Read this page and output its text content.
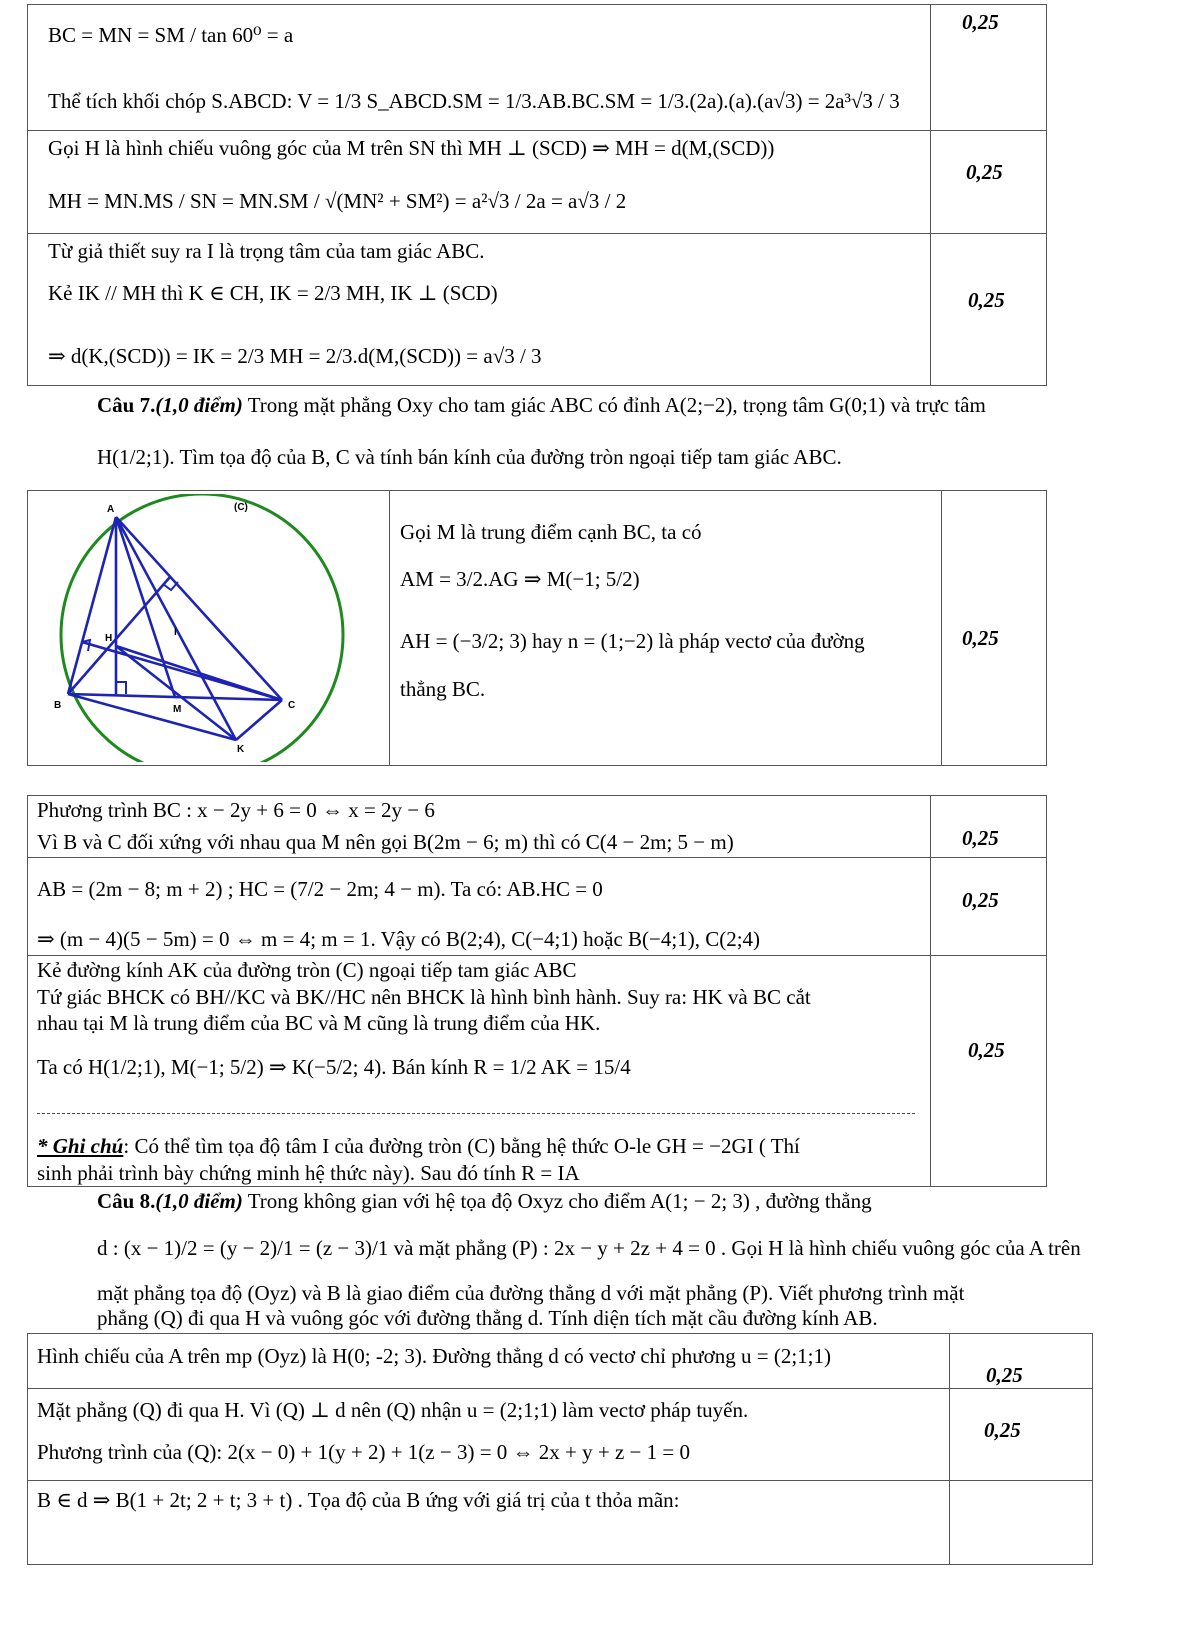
BC = MN = SM / tan 60⁰ = a
Thể tích khối chóp S.ABCD: V = 1/3 S_ABCD.SM = 1/3.AB.BC.SM = 1/3.(2a).(a).(a√3) = 2a³√3 / 3
0,25
Gọi H là hình chiếu vuông góc của M trên SN thì MH ⊥ (SCD) ⇒ MH = d(M,(SCD))
MH = MN.MS / SN = MN.SM / √(MN² + SM²) = a²√3 / 2a = a√3 / 2
0,25
Từ giả thiết suy ra I là trọng tâm của tam giác ABC.
Kẻ IK // MH thì K ∈ CH, IK = 2/3 MH, IK ⊥ (SCD)
⇒ d(K,(SCD)) = IK = 2/3 MH = 2/3.d(M,(SCD)) = a√3 / 3
0,25
Câu 7.(1,0 điểm) Trong mặt phẳng Oxy cho tam giác ABC có đỉnh A(2;−2), trọng tâm G(0;1) và trực tâm
H(1/2;1). Tìm tọa độ của B, C và tính bán kính của đường tròn ngoại tiếp tam giác ABC.
A	(C)
H
I
B	M	C
K
Gọi M là trung điểm cạnh BC, ta có
AM = 3/2.AG ⇒ M(−1; 5/2)
AH = (−3/2; 3) hay n = (1;−2) là pháp vectơ của đường
thẳng BC.
0,25
Phương trình BC : x − 2y + 6 = 0 ⇔ x = 2y − 6
Vì B và C đối xứng với nhau qua M nên gọi B(2m − 6; m) thì có C(4 − 2m; 5 − m)	0,25
AB = (2m − 8; m + 2) ; HC = (7/2 − 2m; 4 − m). Ta có: AB.HC = 0
⇒ (m − 4)(5 − 5m) = 0 ⇔ m = 4; m = 1. Vậy có B(2;4), C(−4;1) hoặc B(−4;1), C(2;4)
0,25
Kẻ đường kính AK của đường tròn (C) ngoại tiếp tam giác ABC
Tứ giác BHCK có BH//KC và BK//HC nên BHCK là hình bình hành. Suy ra: HK và BC cắt
nhau tại M là trung điểm của BC và M cũng là trung điểm của HK.
Ta có H(1/2;1), M(−1; 5/2) ⇒ K(−5/2; 4). Bán kính R = 1/2 AK = 15/4
0,25
* Ghi chú: Có thể tìm tọa độ tâm I của đường tròn (C) bằng hệ thức O-le GH = −2GI ( Thí
sinh phải trình bày chứng minh hệ thức này). Sau đó tính R = IA
Câu 8.(1,0 điểm) Trong không gian với hệ tọa độ Oxyz cho điểm A(1; − 2; 3) , đường thẳng
d : (x − 1)/2 = (y − 2)/1 = (z − 3)/1 và mặt phẳng (P) : 2x − y + 2z + 4 = 0 . Gọi H là hình chiếu vuông góc của A trên
mặt phẳng tọa độ (Oyz) và B là giao điểm của đường thẳng d với mặt phẳng (P). Viết phương trình mặt
phẳng (Q) đi qua H và vuông góc với đường thẳng d. Tính diện tích mặt cầu đường kính AB.
Hình chiếu của A trên mp (Oyz) là H(0; -2; 3). Đường thẳng d có vectơ chỉ phương u = (2;1;1)
0,25
Mặt phẳng (Q) đi qua H. Vì (Q) ⊥ d nên (Q) nhận u = (2;1;1) làm vectơ pháp tuyến.
Phương trình của (Q): 2(x − 0) + 1(y + 2) + 1(z − 3) = 0 ⇔ 2x + y + z − 1 = 0
0,25
B ∈ d ⇒ B(1 + 2t; 2 + t; 3 + t) . Tọa độ của B ứng với giá trị của t thỏa mãn:
